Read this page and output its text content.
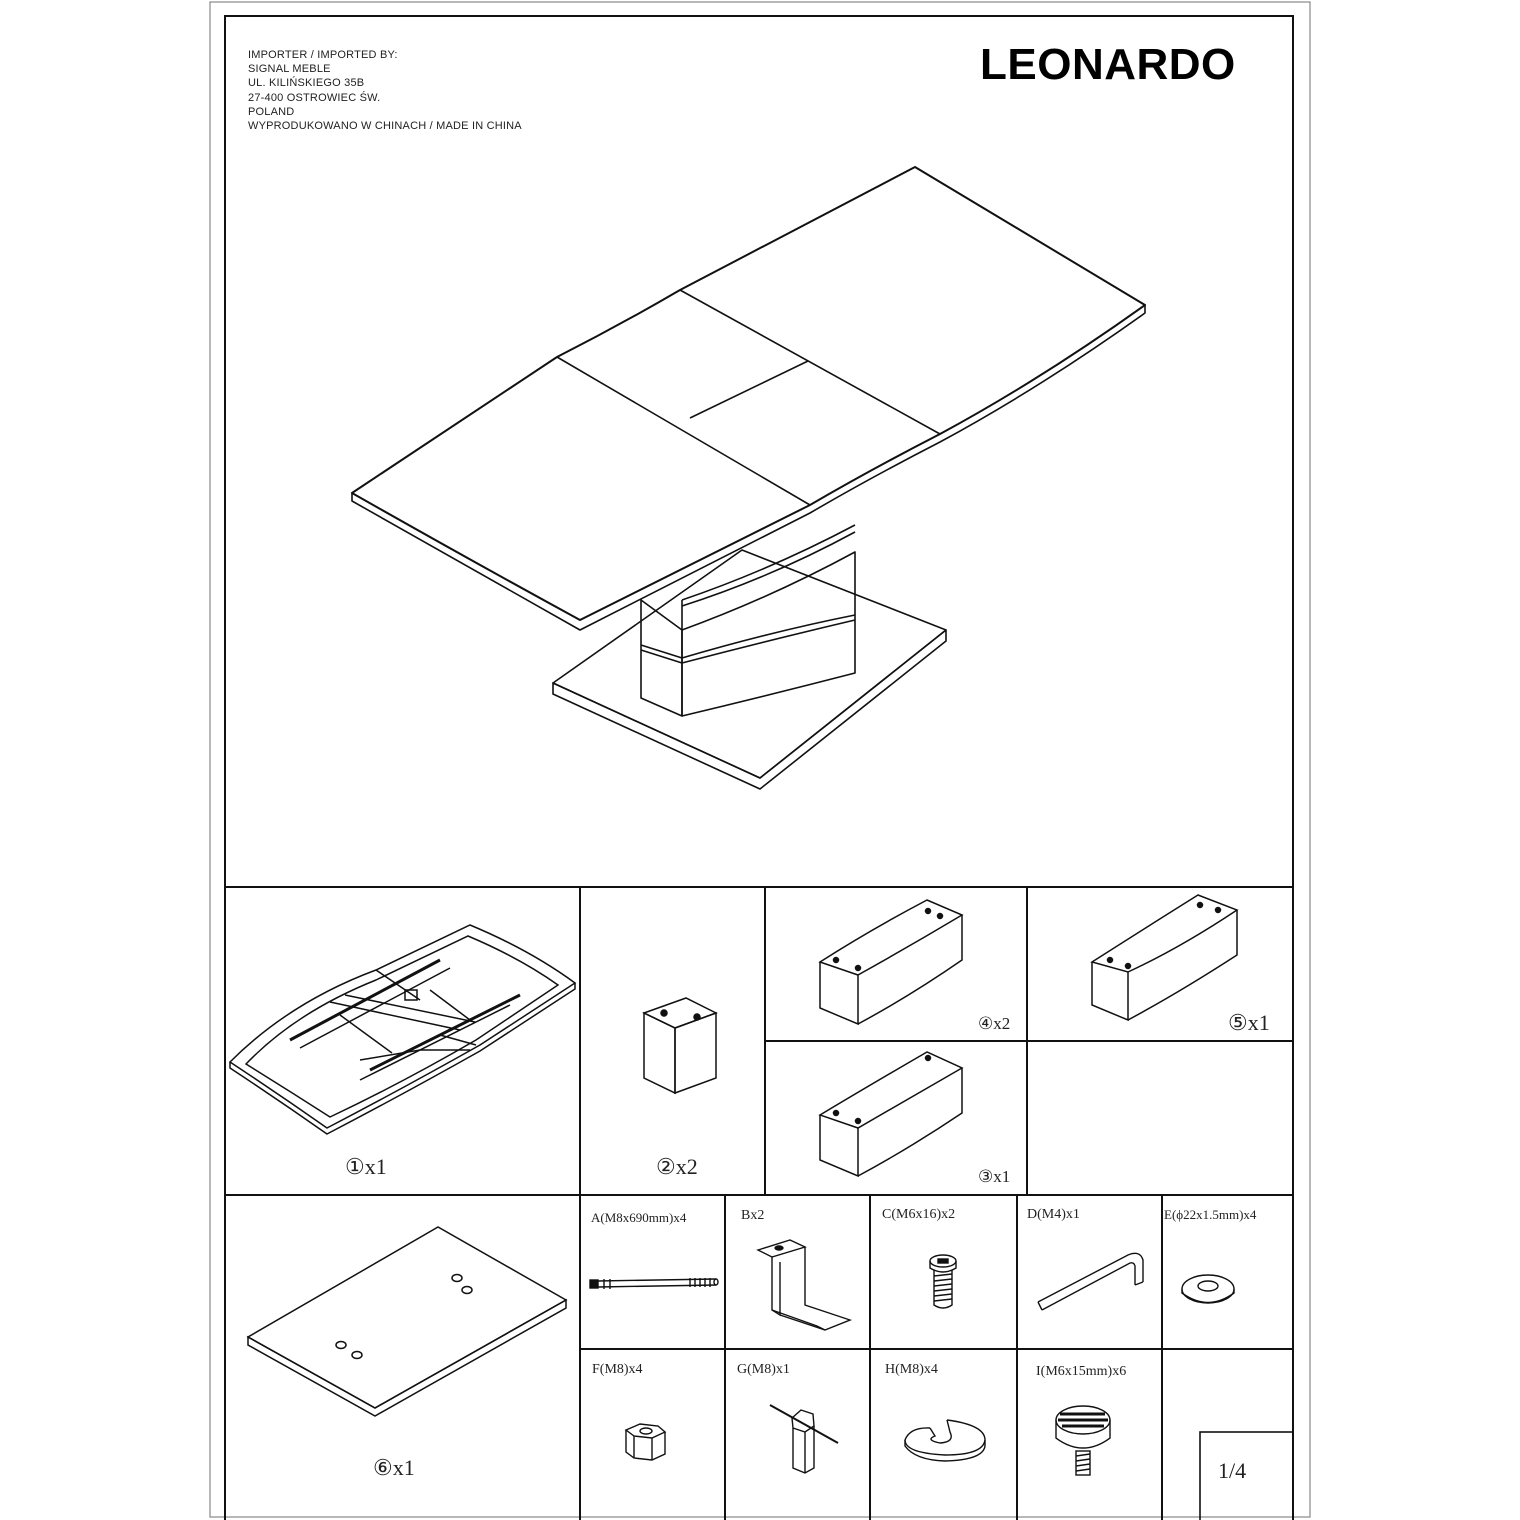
IMPORTER / IMPORTED BY:
SIGNAL MEBLE
UL. KILIŃSKIEGO 35B
27-400 OSTROWIEC ŚW.
POLAND
WYPRODUKOWANO W CHINACH / MADE IN CHINA
LEONARDO
①x1	②x2	③x1
④x2	⑤x1
⑥x1
A(M8x690mm)x4	Bx2	C(M6x16)x2	D(M4)x1	E(ϕ22x1.5mm)x4
F(M8)x4	G(M8)x1	H(M8)x4	I(M6x15mm)x6
1/4
